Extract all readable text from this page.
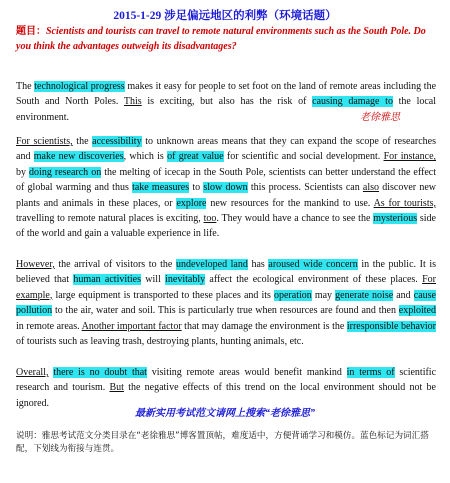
2015-1-29 涉足偏远地区的利弊（环境话题）
题目：Scientists and tourists can travel to remote natural environments such as the South Pole. Do you think the advantages outweigh its disadvantages?
The technological progress makes it easy for people to set foot on the land of remote areas including the South and North Poles. This is exciting, but also has the risk of causing damage to the local environment.	老徐雅思
For scientists, the accessibility to unknown areas means that they can expand the scope of researches and make new discoveries, which is of great value for scientific and social development. For instance, by doing research on the melting of icecap in the South Pole, scientists can better understand the effect of global warming and thus take measures to slow down this process. Scientists can also discover new plants and animals in these places, or explore new resources for the mankind to use. As for tourists, travelling to remote natural places is exciting, too. They would have a chance to see the mysterious side of the world and gain a valuable experience in life.
However, the arrival of visitors to the undeveloped land has aroused wide concern in the public. It is believed that human activities will inevitably affect the ecological environment of these places. For example, large equipment is transported to these places and its operation may generate noise and cause pollution to the air, water and soil. This is particularly true when resources are found and then exploited in remote areas. Another important factor that may damage the environment is the irresponsible behavior of tourists such as leaving trash, destroying plants, hunting animals, etc.
Overall, there is no doubt that visiting remote areas would benefit mankind in terms of scientific research and tourism. But the negative effects of this trend on the local environment should not be ignored.
最新实用考试范文请网上搜索“老徐雅思”
说明：雅思考试范文分类目录在“老徐雅思”博客置顶帖，难度适中，方便背诵学习和模仿。蓝色标记为词汇搭配，下划线为衔接与连贯。
